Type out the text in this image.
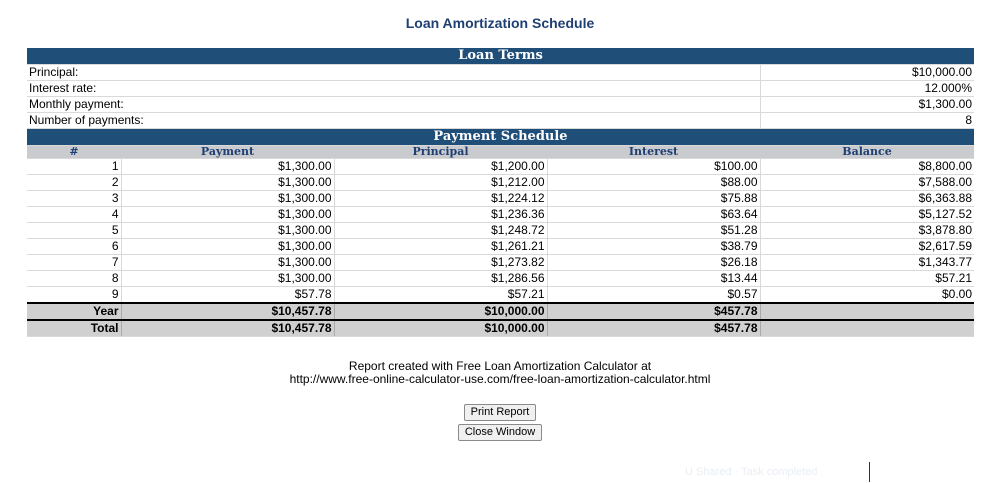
Loan Amortization Schedule
Loan Terms	
Principal:	$10,000.00
Interest rate:	12.000%
Monthly payment:	$1,300.00
Number of payments:	8
Payment Schedule				
#	Payment	Principal	Interest	Balance
1	$1,300.00	$1,200.00	$100.00	$8,800.00
2	$1,300.00	$1,212.00	$88.00	$7,588.00
3	$1,300.00	$1,224.12	$75.88	$6,363.88
4	$1,300.00	$1,236.36	$63.64	$5,127.52
5	$1,300.00	$1,248.72	$51.28	$3,878.80
6	$1,300.00	$1,261.21	$38.79	$2,617.59
7	$1,300.00	$1,273.82	$26.18	$1,343.77
8	$1,300.00	$1,286.56	$13.44	$57.21
9	$57.78	$57.21	$0.57	$0.00
Year	$10,457.78	$10,000.00	$457.78	
Total	$10,457.78	$10,000.00	$457.78	
Report created with Free Loan Amortization Calculator at
http://www.free-online-calculator-use.com/free-loan-amortization-calculator.html
Print Report
Close Window
U Shared · Task completed
